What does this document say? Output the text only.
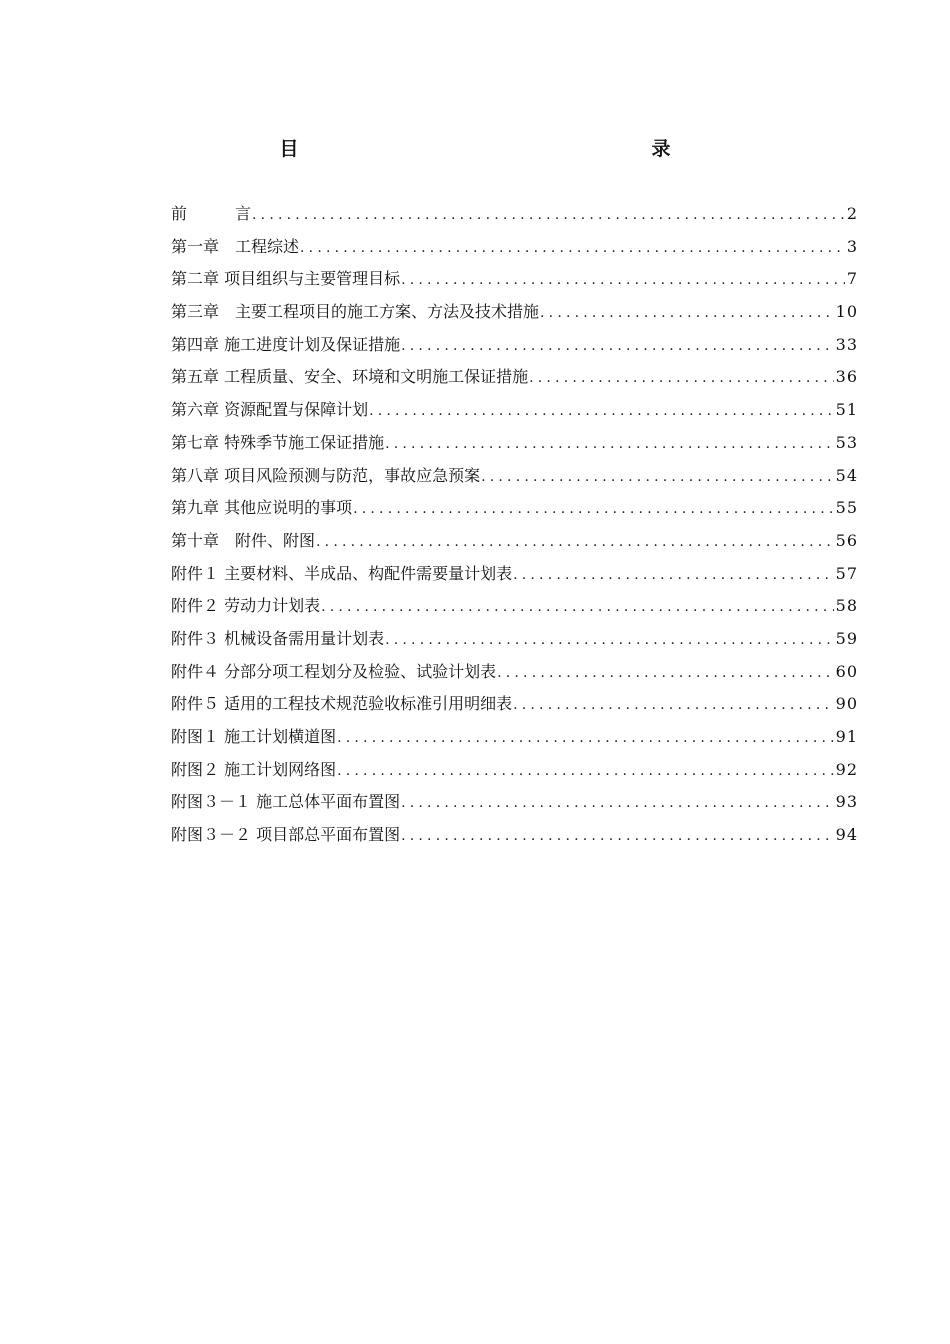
目　　　录
前　　　言 .....	2
第一章　工程综述 .....	3
第二章 项目组织与主要管理目标 .....	7
第三章　主要工程项目的施工方案、方法及技术措施 .....	10
第四章 施工进度计划及保证措施 .....	33
第五章 工程质量、安全、环境和文明施工保证措施 .....	36
第六章 资源配置与保障计划 .....	51
第七章 特殊季节施工保证措施 .....	53
第八章 项目风险预测与防范，事故应急预案 .....	54
第九章 其他应说明的事项 .....	55
第十章　附件、附图 .....	56
附件１ 主要材料、半成品、构配件需要量计划表 .....	57
附件２ 劳动力计划表 .....	58
附件３ 机械设备需用量计划表 .....	59
附件４ 分部分项工程划分及检验、试验计划表 .....	60
附件５ 适用的工程技术规范验收标准引用明细表 .....	90
附图１ 施工计划横道图 .....	91
附图２ 施工计划网络图 .....	92
附图３－１ 施工总体平面布置图 .....	93
附图３－２ 项目部总平面布置图 .....	94
